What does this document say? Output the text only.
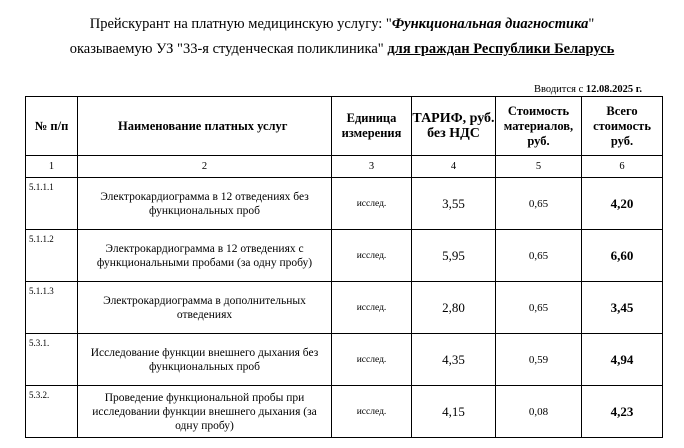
Прейскурант на платную медицинскую услугу: "Функциональная диагностика"
оказываемую УЗ "33-я студенческая поликлиника" для граждан Республики Беларусь
Вводится с 12.08.2025 г.
№ п/п	Наименование платных услуг	Единица измерения	ТАРИФ, руб. без НДС	Стоимость материалов, руб.	Всего стоимость руб.
1	2	3	4	5	6
5.1.1.1	Электрокардиограмма в 12 отведениях без функциональных проб	исслед.	3,55	0,65	4,20
5.1.1.2	Электрокардиограмма в 12 отведениях с функциональными пробами (за одну пробу)	исслед.	5,95	0,65	6,60
5.1.1.3	Электрокардиограмма в дополнительных отведениях	исслед.	2,80	0,65	3,45
5.3.1.	Исследование функции внешнего дыхания без функциональных проб	исслед.	4,35	0,59	4,94
5.3.2.	Проведение функциональной пробы при исследовании функции внешнего дыхания (за одну пробу)	исслед.	4,15	0,08	4,23
